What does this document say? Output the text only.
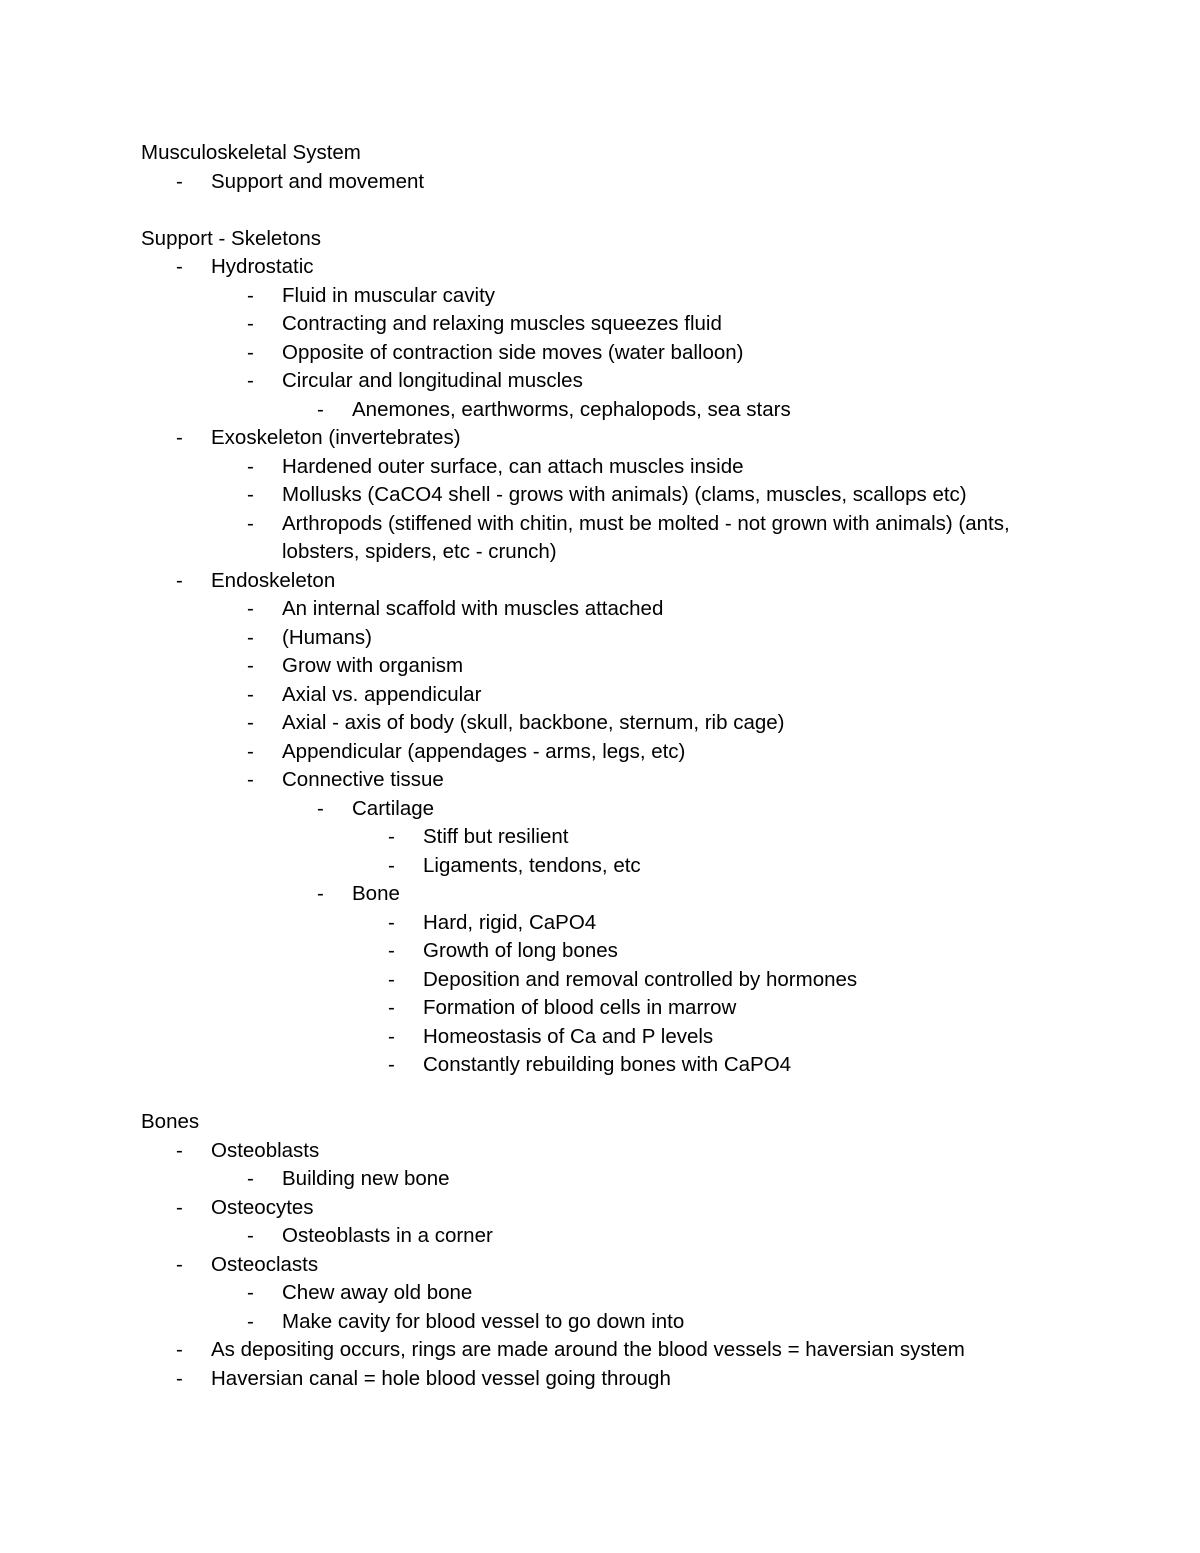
Musculoskeletal System
- Support and movement
Support - Skeletons
- Hydrostatic
- Fluid in muscular cavity
- Contracting and relaxing muscles squeezes fluid
- Opposite of contraction side moves (water balloon)
- Circular and longitudinal muscles
- Anemones, earthworms, cephalopods, sea stars
- Exoskeleton (invertebrates)
- Hardened outer surface, can attach muscles inside
- Mollusks (CaCO4 shell - grows with animals) (clams, muscles, scallops etc)
- Arthropods (stiffened with chitin, must be molted - not grown with animals) (ants, lobsters, spiders, etc - crunch)
- Endoskeleton
- An internal scaffold with muscles attached
- (Humans)
- Grow with organism
- Axial vs. appendicular
- Axial - axis of body (skull, backbone, sternum, rib cage)
- Appendicular (appendages - arms, legs, etc)
- Connective tissue
- Cartilage
- Stiff but resilient
- Ligaments, tendons, etc
- Bone
- Hard, rigid, CaPO4
- Growth of long bones
- Deposition and removal controlled by hormones
- Formation of blood cells in marrow
- Homeostasis of Ca and P levels
- Constantly rebuilding bones with CaPO4
Bones
- Osteoblasts
- Building new bone
- Osteocytes
- Osteoblasts in a corner
- Osteoclasts
- Chew away old bone
- Make cavity for blood vessel to go down into
- As depositing occurs, rings are made around the blood vessels = haversian system
- Haversian canal = hole blood vessel going through
